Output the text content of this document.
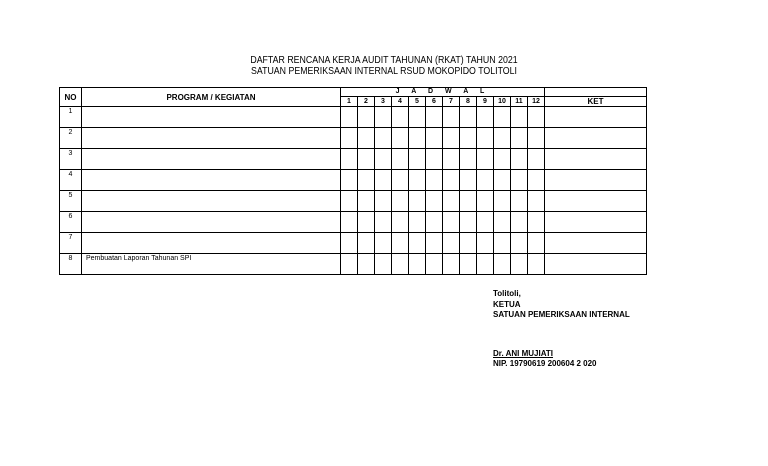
DAFTAR RENCANA KERJA AUDIT TAHUNAN (RKAT) TAHUN 2021
SATUAN PEMERIKSAAN INTERNAL RSUD MOKOPIDO TOLITOLI
NO	PROGRAM / KEGIATAN	J A D W A L												
		1	2	3	4	5	6	7	8	9	10	11	12	KET
1														
2														
3														
4														
5														
6														
7														
8	Pembuatan Laporan Tahunan SPI													
Tolitoli,
KETUA
SATUAN PEMERIKSAAN INTERNAL
Dr. ANI MUJIATI
NIP. 19790619 200604 2 020
